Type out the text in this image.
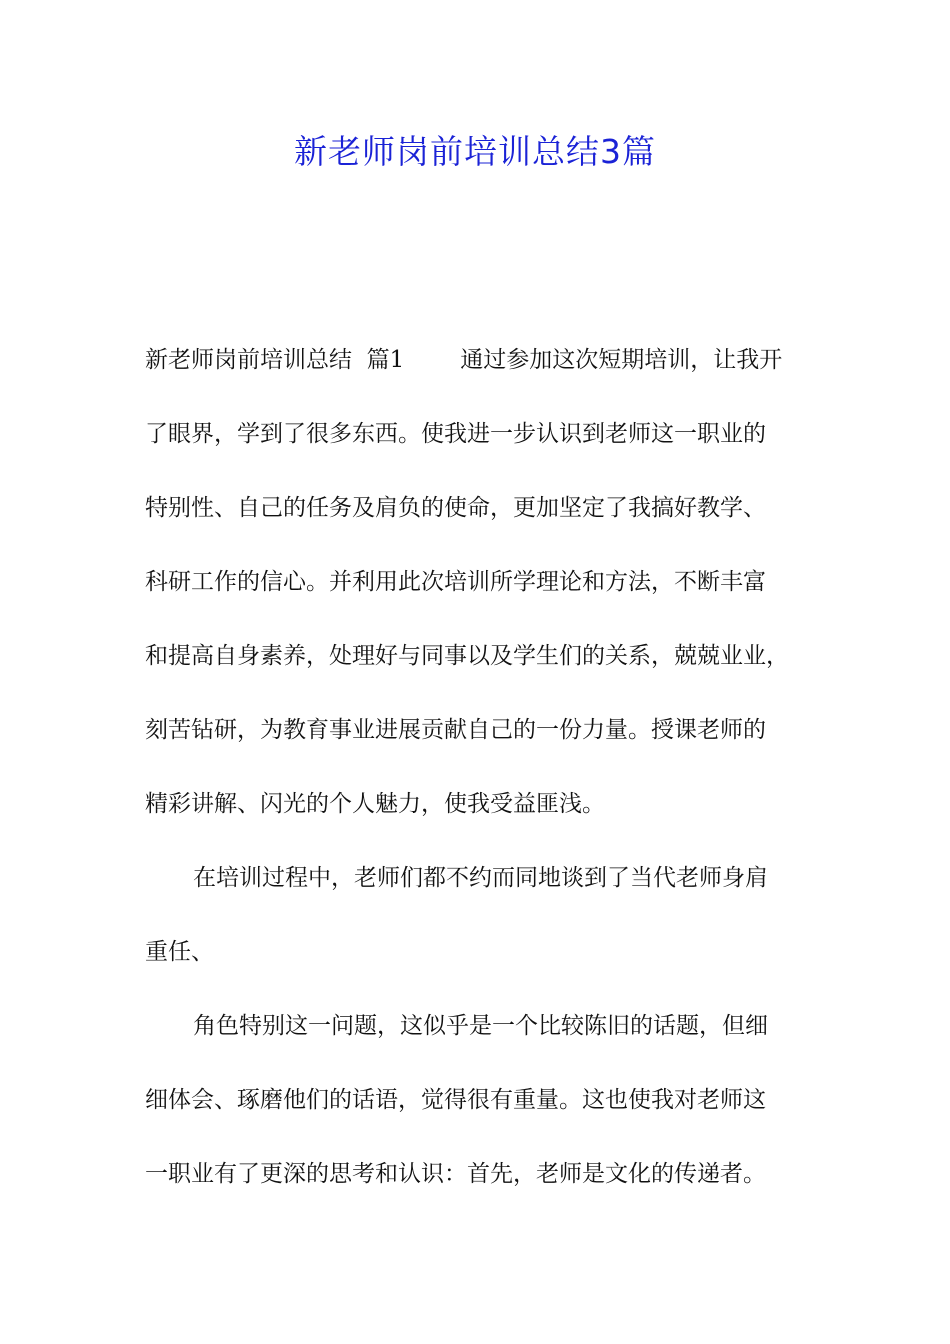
新老师岗前培训总结3篇
新老师岗前培训总结  篇1 通过参加这次短期培训，让我开
了眼界，学到了很多东西。使我进一步认识到老师这一职业的
特别性、自己的任务及肩负的使命，更加坚定了我搞好教学、
科研工作的信心。并利用此次培训所学理论和方法，不断丰富
和提高自身素养，处理好与同事以及学生们的关系，兢兢业业，
刻苦钻研，为教育事业进展贡献自己的一份力量。授课老师的
精彩讲解、闪光的个人魅力，使我受益匪浅。
在培训过程中，老师们都不约而同地谈到了当代老师身肩
重任、
角色特别这一问题，这似乎是一个比较陈旧的话题，但细
细体会、琢磨他们的话语，觉得很有重量。这也使我对老师这
一职业有了更深的思考和认识：首先，老师是文化的传递者。
